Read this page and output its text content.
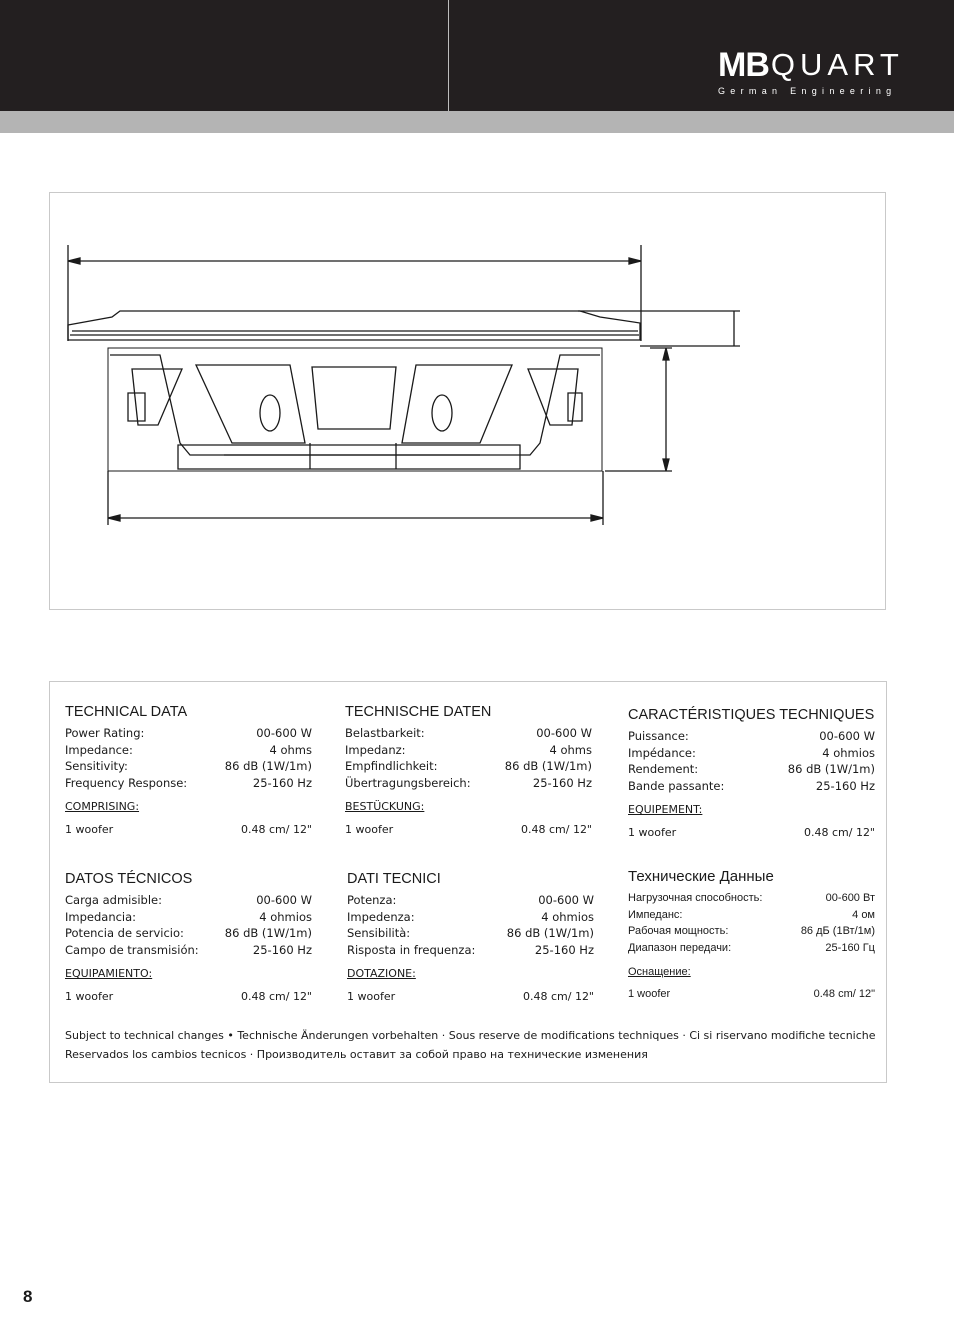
MB QUART
German Engineering
TECHNICAL DATA
Power Rating:	00-600 W
Impedance:	4 ohms
Sensitivity:	86 dB (1W/1m)
Frequency Response:	25-160 Hz
COMPRISING:
1 woofer	0.48 cm/ 12"
TECHNISCHE DATEN
Belastbarkeit:	00-600 W
Impedanz:	4 ohms
Empfindlichkeit:	86 dB (1W/1m)
Übertragungsbereich:	25-160 Hz
BESTÜCKUNG:
1 woofer	0.48 cm/ 12"
CARACTÉRISTIQUES TECHNIQUES
Puissance:	00-600 W
Impédance:	4 ohmios
Rendement:	86 dB (1W/1m)
Bande passante:	25-160 Hz
EQUIPEMENT:
1 woofer	0.48 cm/ 12"
DATOS TÉCNICOS
Carga admisible:	00-600 W
Impedancia:	4 ohmios
Potencia de servicio:	86 dB (1W/1m)
Campo de transmisión:	25-160 Hz
EQUIPAMIENTO:
1 woofer	0.48 cm/ 12"
DATI TECNICI
Potenza:	00-600 W
Impedenza:	4 ohmios
Sensibilità:	86 dB (1W/1m)
Risposta in frequenza:	25-160 Hz
DOTAZIONE:
1 woofer	0.48 cm/ 12"
Технические Данные
Нагрузочная способность:	00-600 Вт
Импеданс:	4 ом
Рабочая мощность:	86 дБ (1Вт/1м)
Диапазон передачи:	25-160 Гц
Оснащение:
1 woofer	0.48 cm/ 12"
Subject to technical changes • Technische Änderungen vorbehalten · Sous reserve de modifications techniques · Ci si riservano modifiche tecniche
Reservados los cambios tecnicos · Производитель оставит за собой право на технические изменения
8
